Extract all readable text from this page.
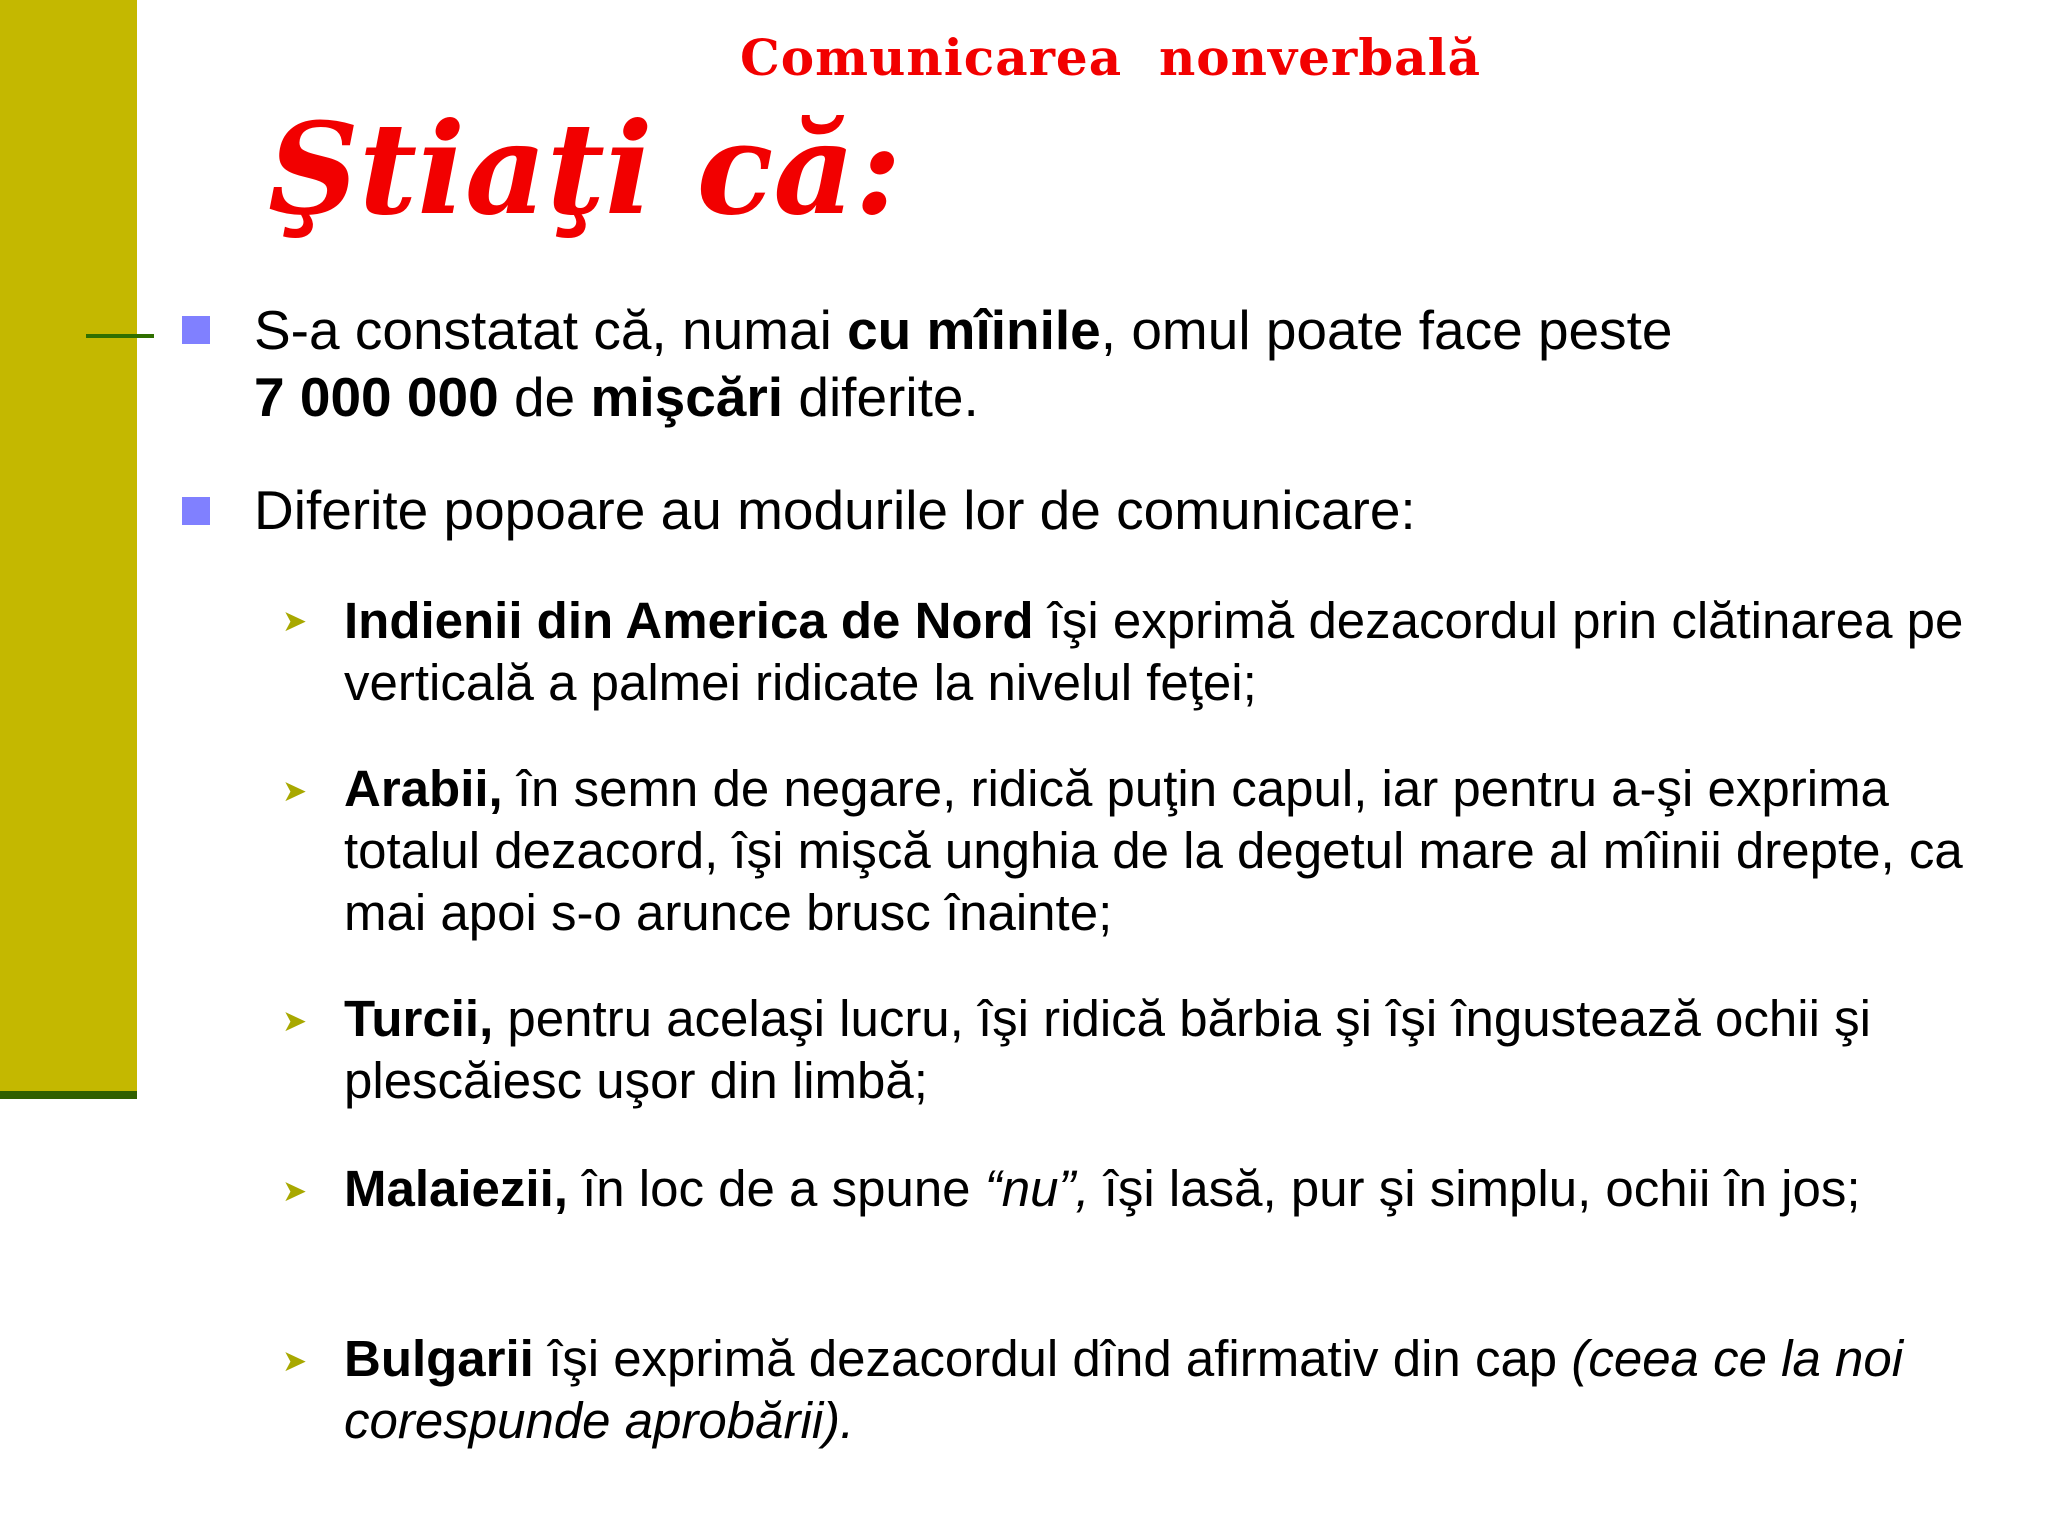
Comunicarea  nonverbală
Ştiaţi că:
S-a constatat că, numai cu mîinile, omul poate face peste
7 000 000 de mişcări diferite.
Diferite popoare au modurile lor de comunicare:
➤ Indienii din America de Nord îşi exprimă dezacordul prin clătinarea pe verticală a palmei ridicate la nivelul feţei;
➤ Arabii, în semn de negare, ridică puţin capul, iar pentru a-şi exprima totalul dezacord, îşi mişcă unghia de la degetul mare al mîinii drepte, ca mai apoi s-o arunce brusc înainte;
➤ Turcii, pentru acelaşi lucru, îşi ridică bărbia şi îşi îngustează ochii şi plescăiesc uşor din limbă;
➤ Malaiezii, în loc de a spune “nu”, îşi lasă, pur şi simplu, ochii în jos;
➤ Bulgarii îşi exprimă dezacordul dînd afirmativ din cap (ceea ce la noi corespunde aprobării).
